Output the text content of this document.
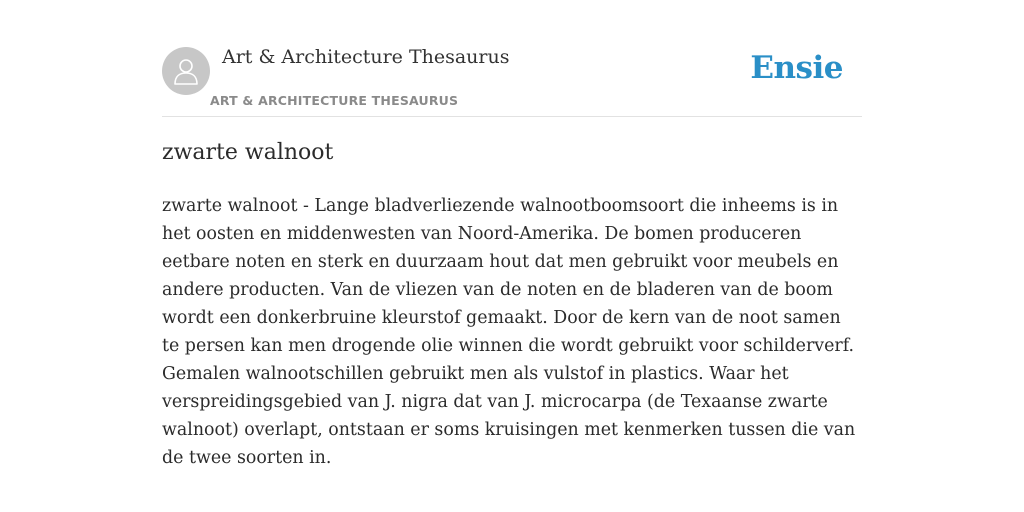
Art & Architecture Thesaurus
ART & ARCHITECTURE THESAURUS
Ensie
zwarte walnoot

zwarte walnoot - Lange bladverliezende walnootboomsoort die inheems is in het oosten en middenwesten van Noord-Amerika. De bomen produceren eetbare noten en sterk en duurzaam hout dat men gebruikt voor meubels en andere producten. Van de vliezen van de noten en de bladeren van de boom wordt een donkerbruine kleurstof gemaakt. Door de kern van de noot samen te persen kan men drogende olie winnen die wordt gebruikt voor schilderverf. Gemalen walnootschillen gebruikt men als vulstof in plastics. Waar het verspreidingsgebied van J. nigra dat van J. microcarpa (de Texaanse zwarte walnoot) overlapt, ontstaan er soms kruisingen met kenmerken tussen die van de twee soorten in.
